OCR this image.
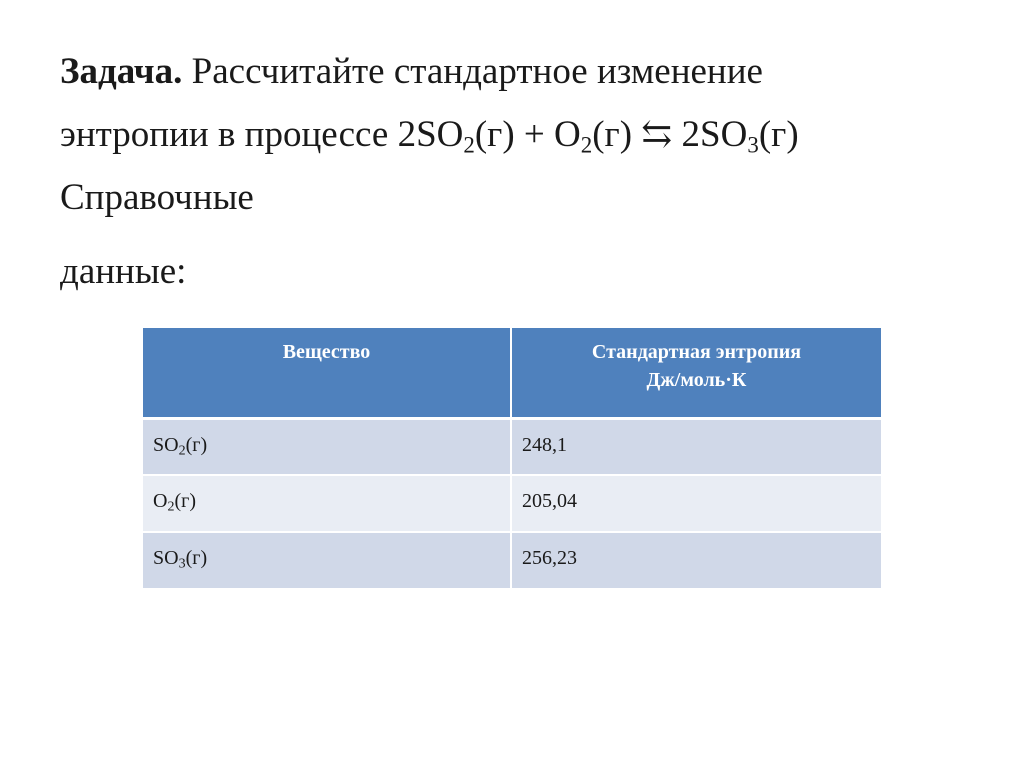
Задача. Рассчитайте стандартное изменение
энтропии в процессе $2SO_2(г) + O_2(г)$ ⇆ $2SO_3(г)$
Справочные
данные:
Вещество	Стандартная энтропия
Дж/моль·К
$SO_2(г)$	248,1
$O_2(г)$	205,04
$SO_3(г)$	256,23
